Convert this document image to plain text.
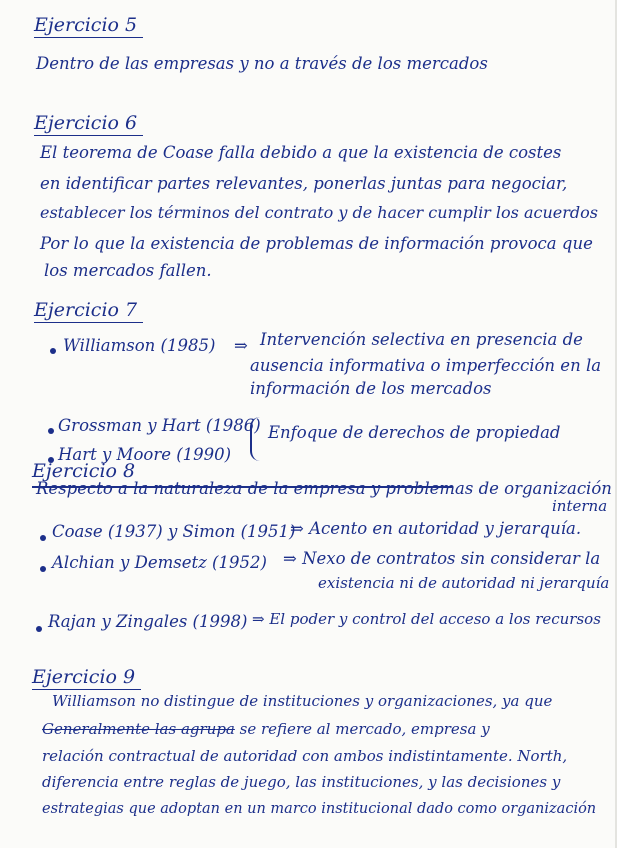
Ejercicio 5
Dentro de las empresas y no a través de los mercados
Ejercicio 6
El teorema de Coase falla debido a que la existencia de costes
en identificar partes relevantes, ponerlas juntas para negociar,
establecer los términos del contrato y de hacer cumplir los acuerdos
Por lo que la existencia de problemas de información provoca que
los mercados fallen.
Ejercicio 7
Williamson (1985) ⇒ Intervención selectiva en presencia de
ausencia informativa o imperfección en la
información de los mercados
Grossman y Hart (1986)
Hart y Moore (1990)
Enfoque de derechos de propiedad
Ejercicio 8
Respecto a la naturaleza de la empresa y problemas de organización
interna
Coase (1937) y Simon (1951)
⇒ Acento en autoridad y jerarquía.
Alchian y Demsetz (1952) ⇒ Nexo de contratos sin considerar la
existencia ni de autoridad ni jerarquía
Rajan y Zingales (1998) ⇒ El poder y control del acceso a los recursos
Ejercicio 9
Williamson no distingue de instituciones y organizaciones, ya que
Generalmente las agrupa se refiere al mercado, empresa y
relación contractual de autoridad con ambos indistintamente. North,
diferencia entre reglas de juego, las instituciones, y las decisiones y
estrategias que adoptan en un marco institucional dado como organización
